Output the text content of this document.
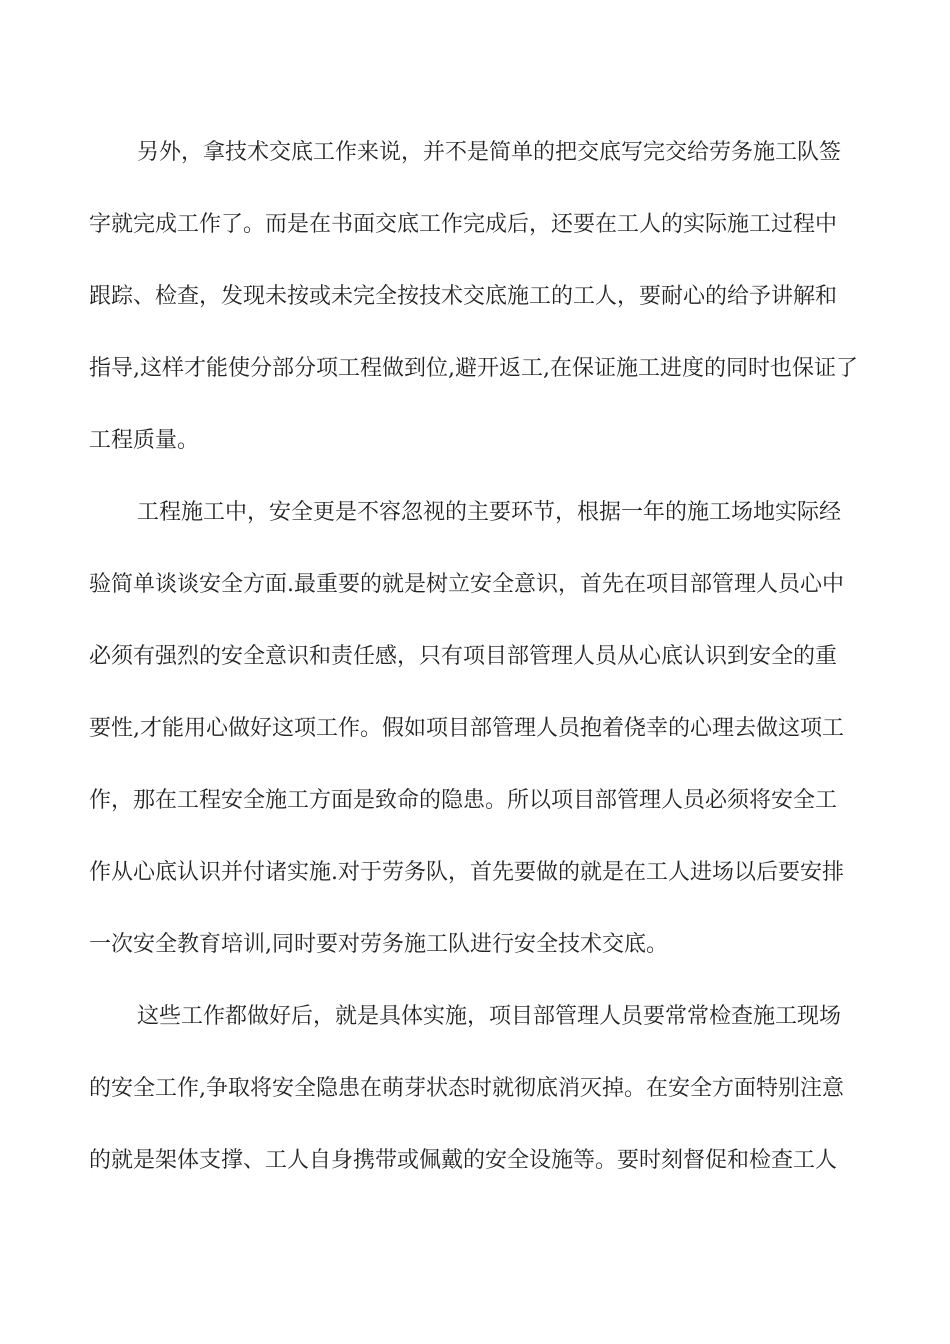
另外，拿技术交底工作来说，并不是简单的把交底写完交给劳务施工队签
字就完成工作了。而是在书面交底工作完成后，还要在工人的实际施工过程中
跟踪、检查，发现未按或未完全按技术交底施工的工人，要耐心的给予讲解和
指导,这样才能使分部分项工程做到位,避开返工,在保证施工进度的同时也保证了
工程质量。
工程施工中，安全更是不容忽视的主要环节，根据一年的施工场地实际经
验简单谈谈安全方面.最重要的就是树立安全意识，首先在项目部管理人员心中
必须有强烈的安全意识和责任感，只有项目部管理人员从心底认识到安全的重
要性,才能用心做好这项工作。假如项目部管理人员抱着侥幸的心理去做这项工
作，那在工程安全施工方面是致命的隐患。所以项目部管理人员必须将安全工
作从心底认识并付诸实施.对于劳务队，首先要做的就是在工人进场以后要安排
一次安全教育培训,同时要对劳务施工队进行安全技术交底。
这些工作都做好后，就是具体实施，项目部管理人员要常常检查施工现场
的安全工作,争取将安全隐患在萌芽状态时就彻底消灭掉。在安全方面特别注意
的就是架体支撑、工人自身携带或佩戴的安全设施等。要时刻督促和检查工人
